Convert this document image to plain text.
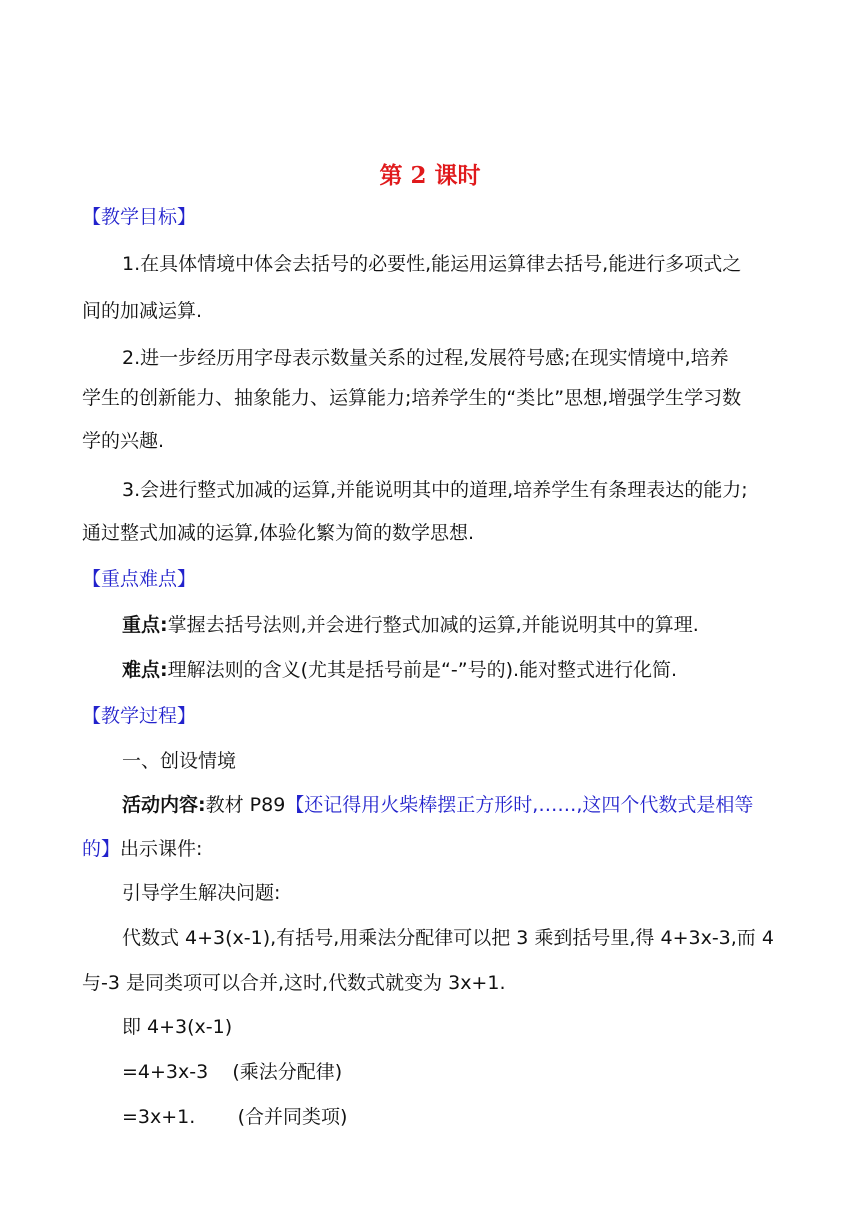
第 2 课时
【教学目标】
1.在具体情境中体会去括号的必要性,能运用运算律去括号,能进行多项式之
间的加减运算.
2.进一步经历用字母表示数量关系的过程,发展符号感;在现实情境中,培养
学生的创新能力、抽象能力、运算能力;培养学生的“类比”思想,增强学生学习数
学的兴趣.
3.会进行整式加减的运算,并能说明其中的道理,培养学生有条理表达的能力;
通过整式加减的运算,体验化繁为简的数学思想.
【重点难点】
重点:掌握去括号法则,并会进行整式加减的运算,并能说明其中的算理.
难点:理解法则的含义(尤其是括号前是“-”号的).能对整式进行化简.
【教学过程】
一、创设情境
活动内容:教材 P89【还记得用火柴棒摆正方形时,……,这四个代数式是相等
的】出示课件:
引导学生解决问题:
代数式 4+3(x-1),有括号,用乘法分配律可以把 3 乘到括号里,得 4+3x-3,而 4
与-3 是同类项可以合并,这时,代数式就变为 3x+1.
即 4+3(x-1)
=4+3x-3    (乘法分配律)
=3x+1.       (合并同类项)
